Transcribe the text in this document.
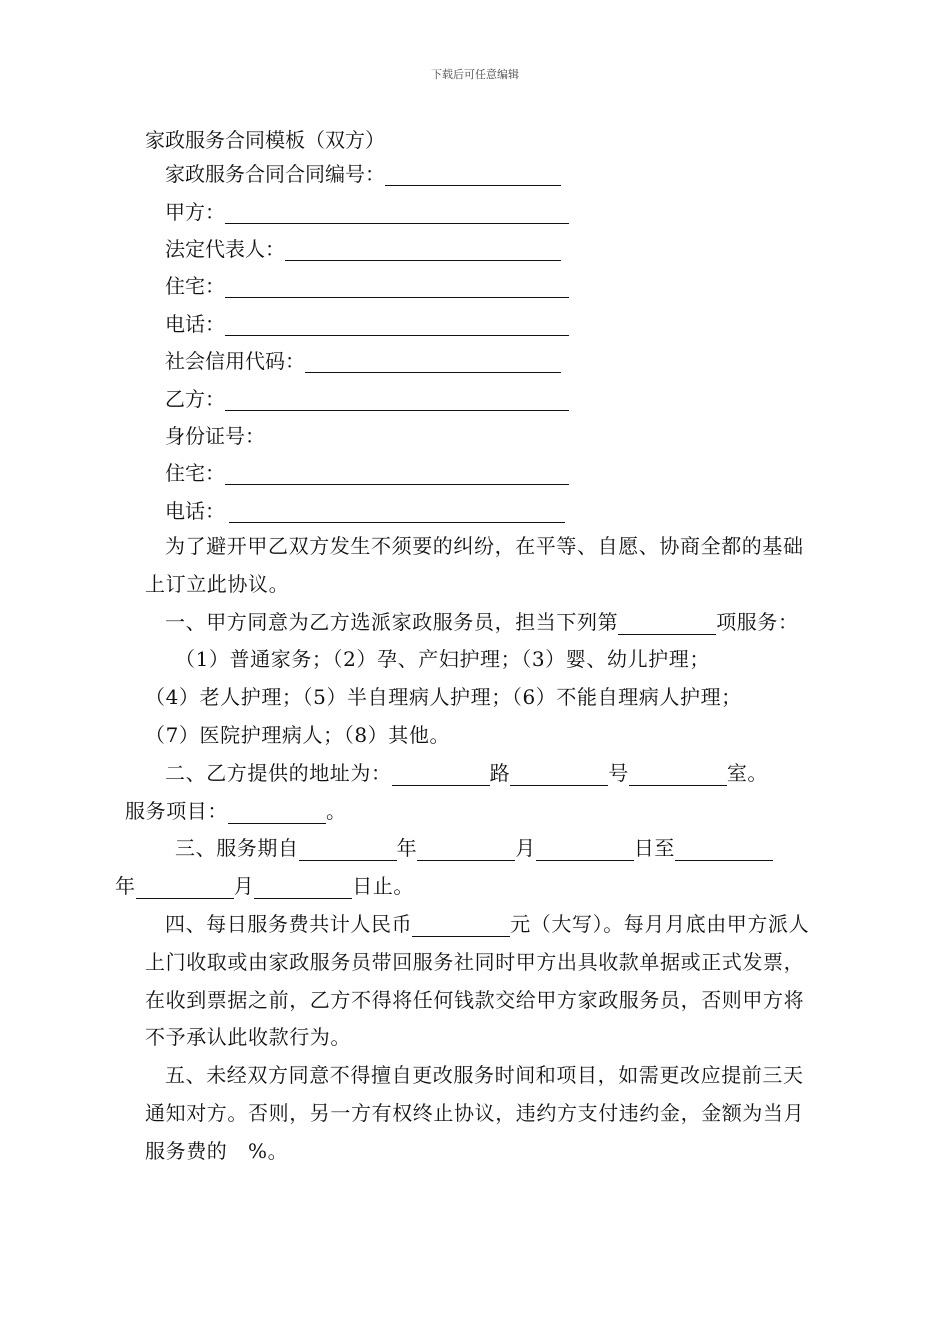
下载后可任意编辑
家政服务合同模板（双方）
家政服务合同合同编号：
甲方：
法定代表人：
住宅：
电话：
社会信用代码：
乙方：
身份证号：
住宅：
电话：

为了避开甲乙双方发生不须要的纠纷，在平等、自愿、协商全都的基础上订立此协议。

一、甲方同意为乙方选派家政服务员，担当下列第	项服务：

（1）普通家务；（2）孕、产妇护理；（3）婴、幼儿护理；

（4）老人护理；（5）半自理病人护理；（6）不能自理病人护理；

（7）医院护理病人；（8）其他。

二、乙方提供的地址为：	路	号	室。
服务项目：	。

三、服务期自	年	月	日至
年	月	日止。

四、每日服务费共计人民币	元（大写）。每月月底由甲方派人上门收取或由家政服务员带回服务社同时甲方出具收款单据或正式发票，在收到票据之前，乙方不得将任何钱款交给甲方家政服务员，否则甲方将不予承认此收款行为。

五、未经双方同意不得擅自更改服务时间和项目，如需更改应提前三天通知对方。否则，另一方有权终止协议，违约方支付违约金，金额为当月服务费的　%。
